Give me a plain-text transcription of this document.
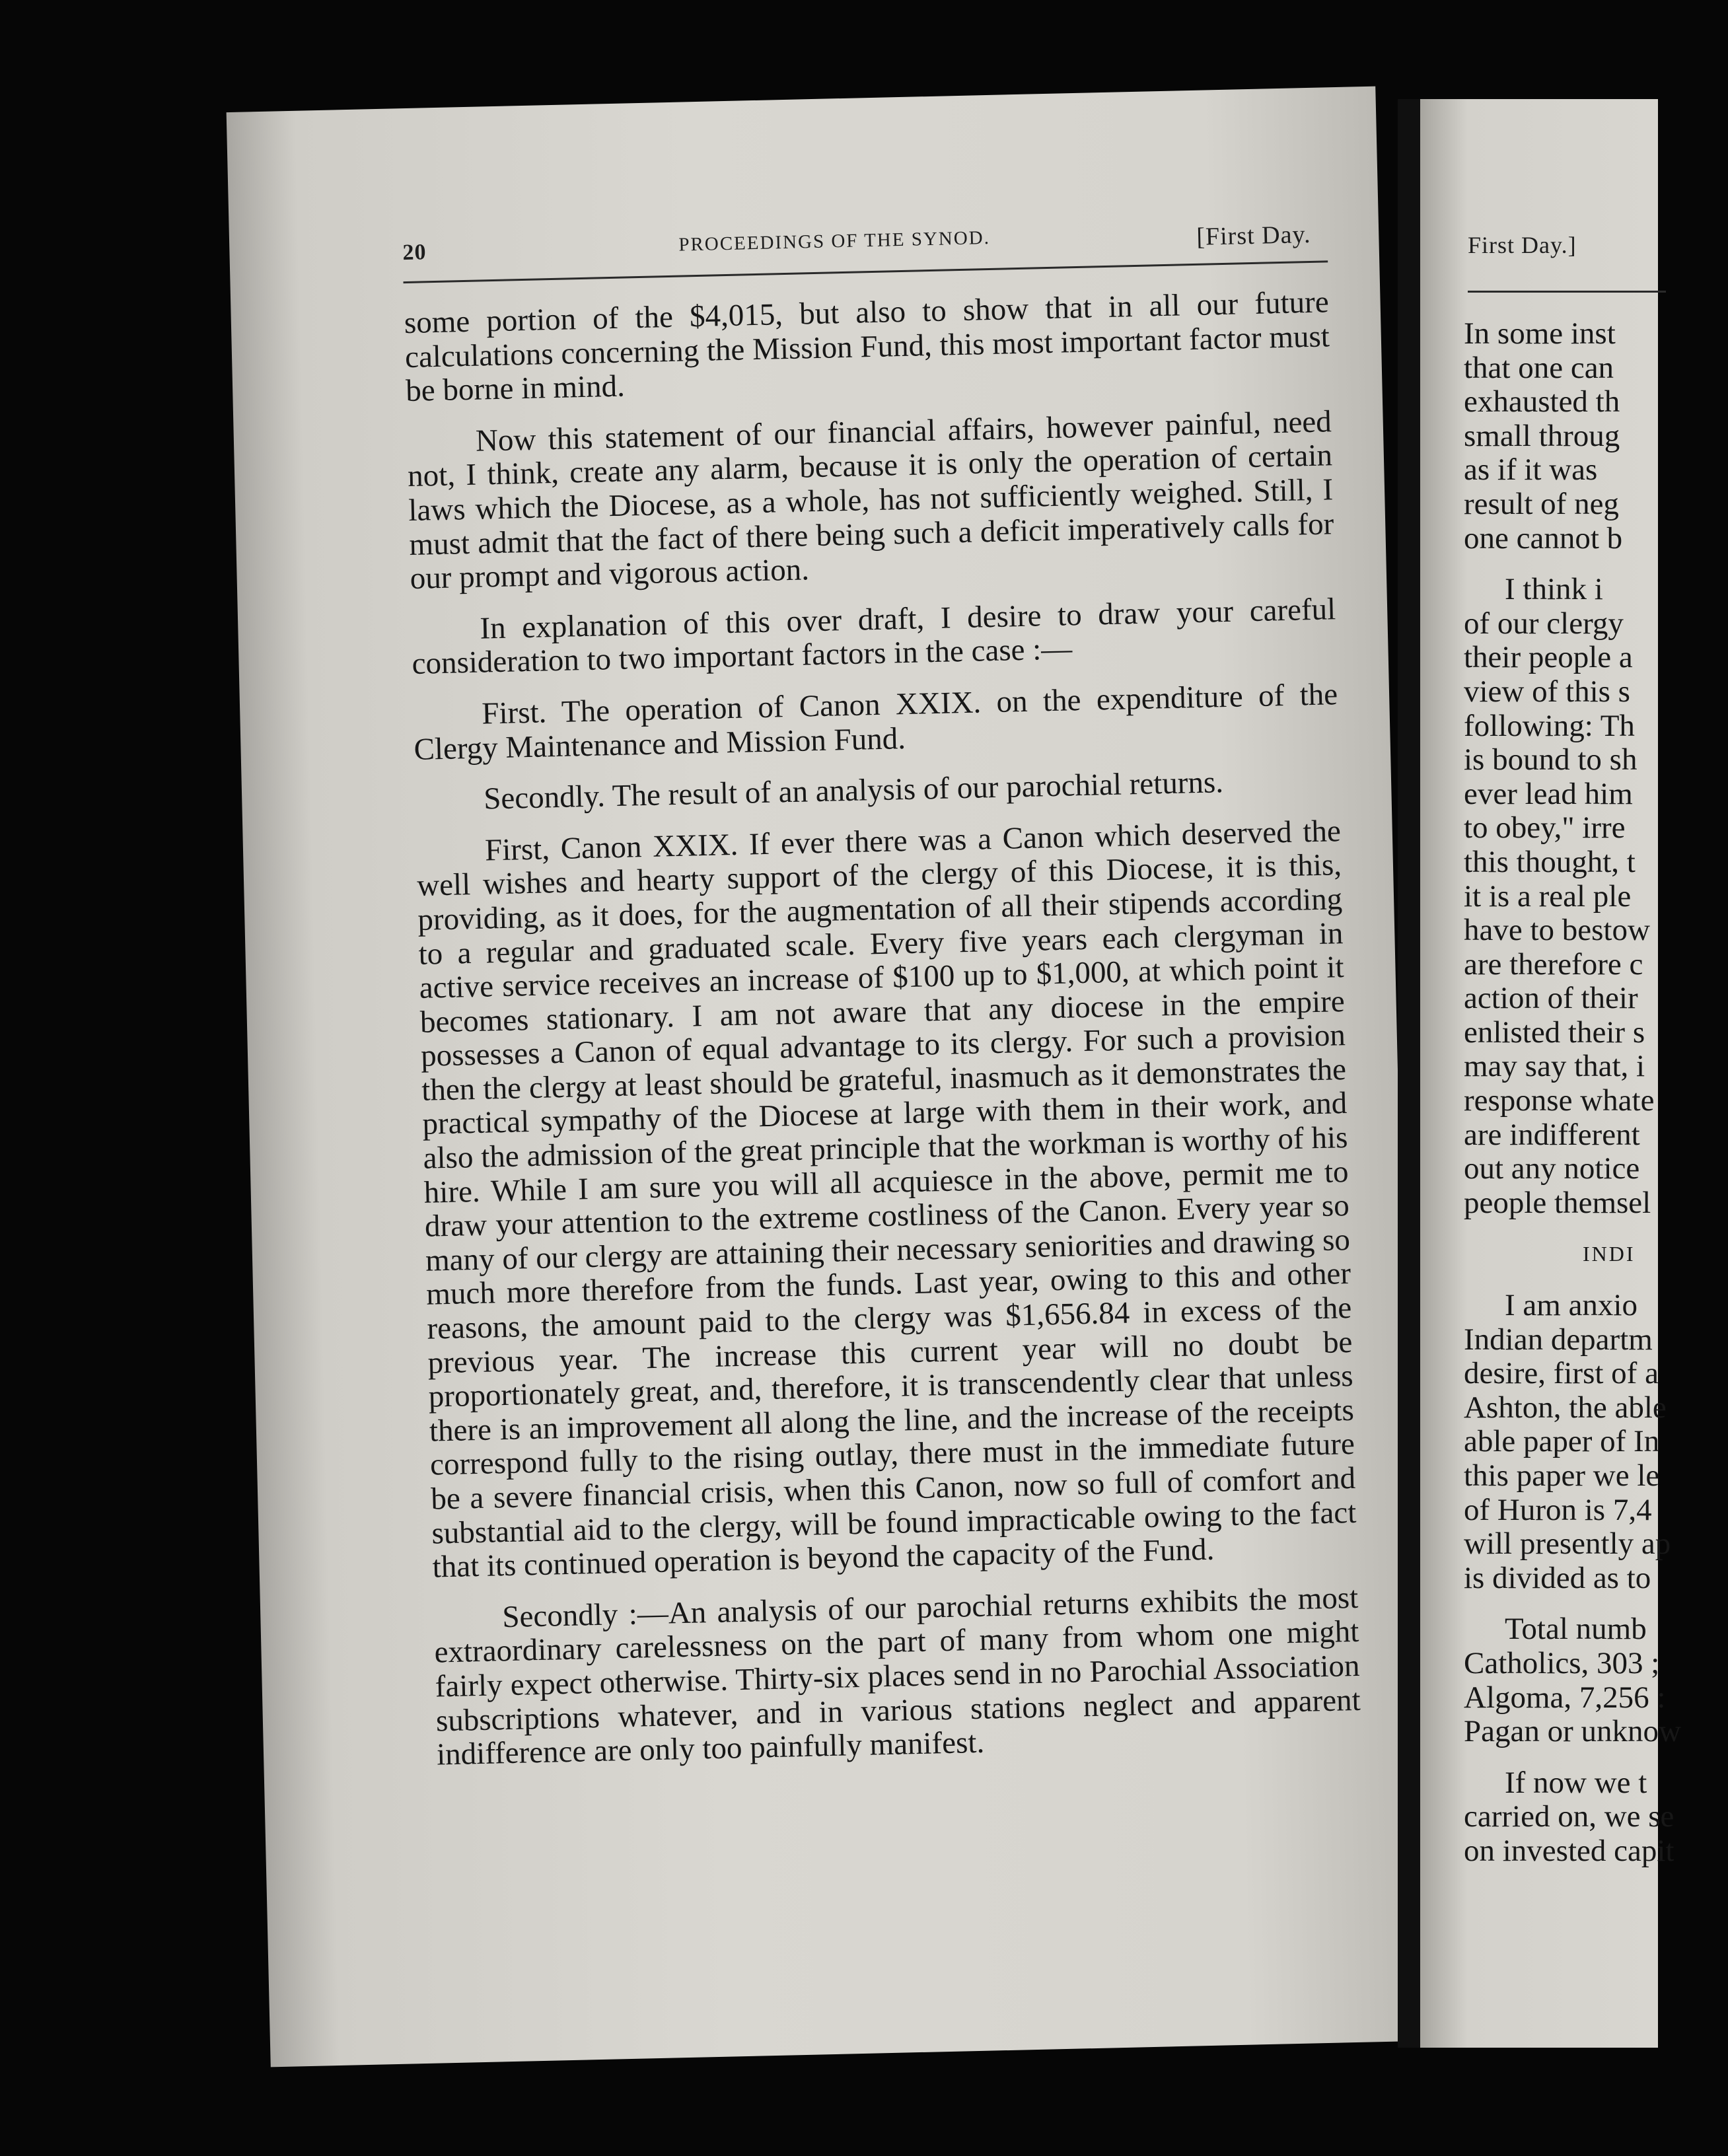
20	PROCEEDINGS OF THE SYNOD.	[First Day.

some portion of the $4,015, but also to show that in all our future calculations concerning the Mission Fund, this most important factor must be borne in mind.

Now this statement of our financial affairs, however painful, need not, I think, create any alarm, because it is only the operation of certain laws which the Diocese, as a whole, has not sufficiently weighed. Still, I must admit that the fact of there being such a deficit imperatively calls for our prompt and vigorous action.

In explanation of this over draft, I desire to draw your careful consideration to two important factors in the case :—

First. The operation of Canon XXIX. on the expenditure of the Clergy Maintenance and Mission Fund.

Secondly. The result of an analysis of our parochial returns.

First, Canon XXIX. If ever there was a Canon which deserved the well wishes and hearty support of the clergy of this Diocese, it is this, providing, as it does, for the augmentation of all their stipends according to a regular and graduated scale. Every five years each clergyman in active service receives an increase of $100 up to $1,000, at which point it becomes stationary. I am not aware that any diocese in the empire possesses a Canon of equal advantage to its clergy. For such a provision then the clergy at least should be grateful, inasmuch as it demonstrates the practical sympathy of the Diocese at large with them in their work, and also the admission of the great principle that the workman is worthy of his hire. While I am sure you will all acquiesce in the above, permit me to draw your attention to the extreme costliness of the Canon. Every year so many of our clergy are attaining their necessary seniorities and drawing so much more therefore from the funds. Last year, owing to this and other reasons, the amount paid to the clergy was $1,656.84 in excess of the previous year. The increase this current year will no doubt be proportionately great, and, therefore, it is transcendently clear that unless there is an improvement all along the line, and the increase of the receipts correspond fully to the rising outlay, there must in the immediate future be a severe financial crisis, when this Canon, now so full of comfort and substantial aid to the clergy, will be found impracticable owing to the fact that its continued operation is beyond the capacity of the Fund.

Secondly :—An analysis of our parochial returns exhibits the most extraordinary carelessness on the part of many from whom one might fairly expect otherwise. Thirty-six places send in no Parochial Association subscriptions whatever, and in various stations neglect and apparent indifference are only too painfully manifest.

First Day.]
In some inst
that one can
exhausted th
small throug
as if it was
result of neg
one cannot b
I think i
of our clergy
their people a
view of this s
following: Th
is bound to sh
ever lead him
to obey," irre
this thought, t
it is a real ple
have to bestow
are therefore c
action of their
enlisted their s
may say that, i
response whate
are indifferent
out any notice
people themsel
INDI
I am anxio
Indian departm
desire, first of a
Ashton, the able
able paper of In
this paper we le
of Huron is 7,4
will presently ap
is divided as to
Total numb
Catholics, 303 ;
Algoma, 7,256 :
Pagan or unknow
If now we t
carried on, we se
on invested capit
